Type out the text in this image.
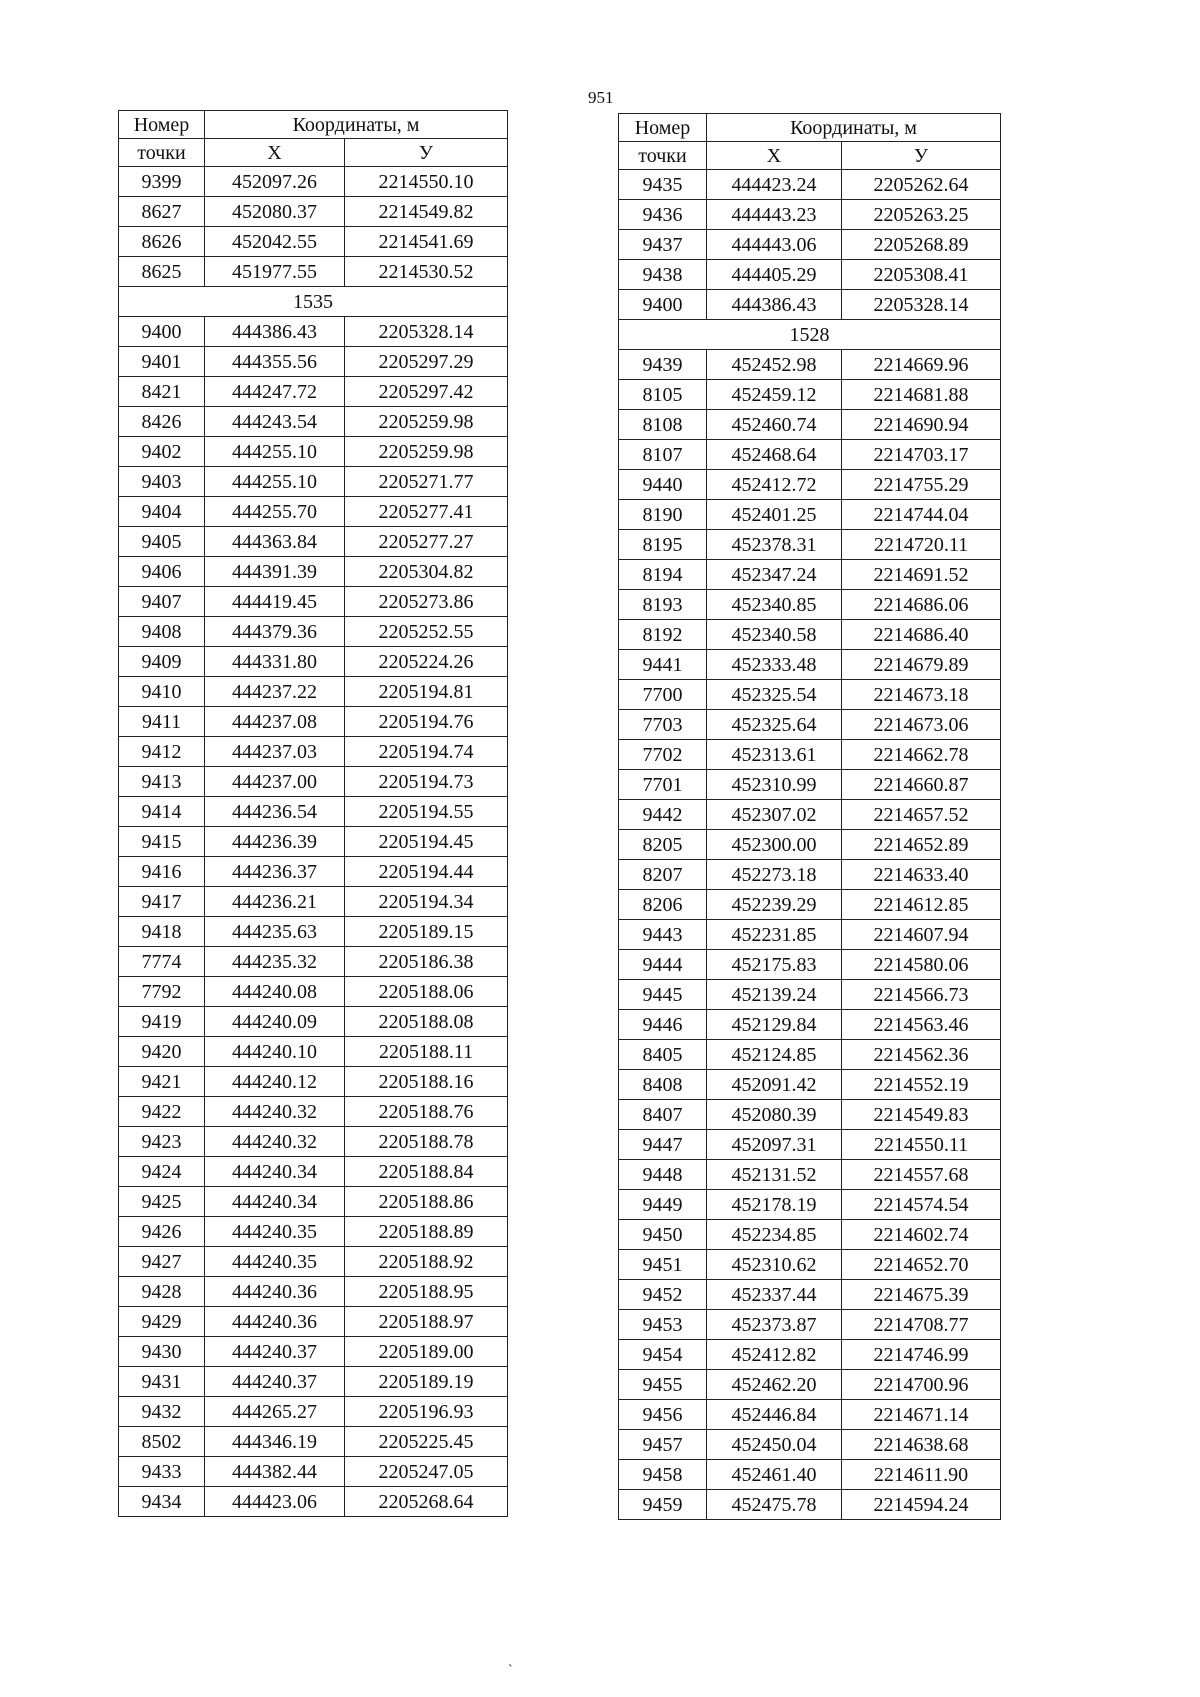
951
Номер	Координаты, м	
точки	X	У
9399	452097.26	2214550.10
8627	452080.37	2214549.82
8626	452042.55	2214541.69
8625	451977.55	2214530.52
1535		
9400	444386.43	2205328.14
9401	444355.56	2205297.29
8421	444247.72	2205297.42
8426	444243.54	2205259.98
9402	444255.10	2205259.98
9403	444255.10	2205271.77
9404	444255.70	2205277.41
9405	444363.84	2205277.27
9406	444391.39	2205304.82
9407	444419.45	2205273.86
9408	444379.36	2205252.55
9409	444331.80	2205224.26
9410	444237.22	2205194.81
9411	444237.08	2205194.76
9412	444237.03	2205194.74
9413	444237.00	2205194.73
9414	444236.54	2205194.55
9415	444236.39	2205194.45
9416	444236.37	2205194.44
9417	444236.21	2205194.34
9418	444235.63	2205189.15
7774	444235.32	2205186.38
7792	444240.08	2205188.06
9419	444240.09	2205188.08
9420	444240.10	2205188.11
9421	444240.12	2205188.16
9422	444240.32	2205188.76
9423	444240.32	2205188.78
9424	444240.34	2205188.84
9425	444240.34	2205188.86
9426	444240.35	2205188.89
9427	444240.35	2205188.92
9428	444240.36	2205188.95
9429	444240.36	2205188.97
9430	444240.37	2205189.00
9431	444240.37	2205189.19
9432	444265.27	2205196.93
8502	444346.19	2205225.45
9433	444382.44	2205247.05
9434	444423.06	2205268.64
Номер	Координаты, м	
точки	X	У
9435	444423.24	2205262.64
9436	444443.23	2205263.25
9437	444443.06	2205268.89
9438	444405.29	2205308.41
9400	444386.43	2205328.14
1528		
9439	452452.98	2214669.96
8105	452459.12	2214681.88
8108	452460.74	2214690.94
8107	452468.64	2214703.17
9440	452412.72	2214755.29
8190	452401.25	2214744.04
8195	452378.31	2214720.11
8194	452347.24	2214691.52
8193	452340.85	2214686.06
8192	452340.58	2214686.40
9441	452333.48	2214679.89
7700	452325.54	2214673.18
7703	452325.64	2214673.06
7702	452313.61	2214662.78
7701	452310.99	2214660.87
9442	452307.02	2214657.52
8205	452300.00	2214652.89
8207	452273.18	2214633.40
8206	452239.29	2214612.85
9443	452231.85	2214607.94
9444	452175.83	2214580.06
9445	452139.24	2214566.73
9446	452129.84	2214563.46
8405	452124.85	2214562.36
8408	452091.42	2214552.19
8407	452080.39	2214549.83
9447	452097.31	2214550.11
9448	452131.52	2214557.68
9449	452178.19	2214574.54
9450	452234.85	2214602.74
9451	452310.62	2214652.70
9452	452337.44	2214675.39
9453	452373.87	2214708.77
9454	452412.82	2214746.99
9455	452462.20	2214700.96
9456	452446.84	2214671.14
9457	452450.04	2214638.68
9458	452461.40	2214611.90
9459	452475.78	2214594.24
`
